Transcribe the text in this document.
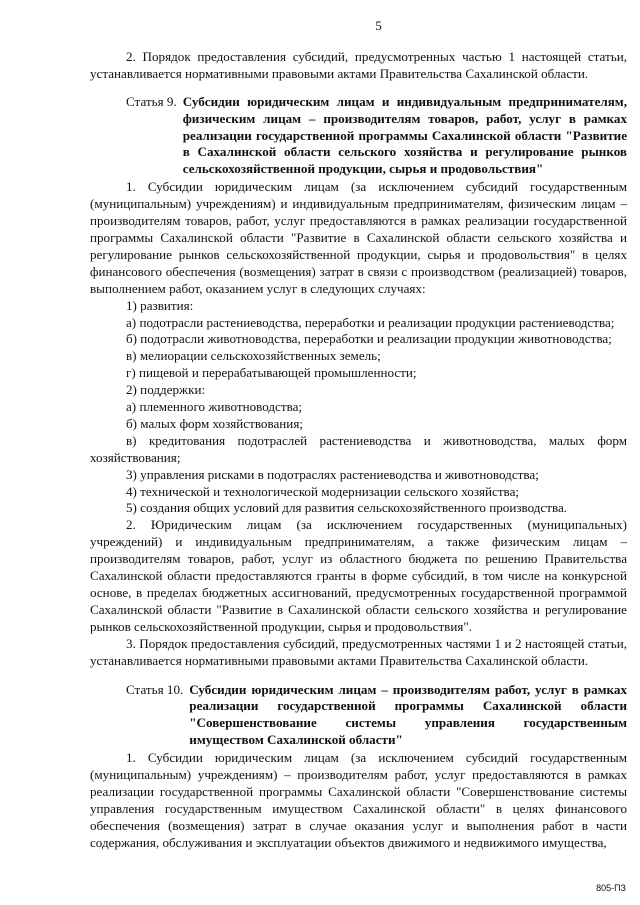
5

2. Порядок предоставления субсидий, предусмотренных частью 1 настоящей статьи, устанавливается нормативными правовыми актами Правительства Сахалинской области.

Статья 9. Субсидии юридическим лицам и индивидуальным предпринимателям, физическим лицам – производителям товаров, работ, услуг в рамках реализации государственной программы Сахалинской области "Развитие в Сахалинской области сельского хозяйства и регулирование рынков сельскохозяйственной продукции, сырья и продовольствия"

1. Субсидии юридическим лицам (за исключением субсидий государственным (муниципальным) учреждениям) и индивидуальным предпринимателям, физическим лицам – производителям товаров, работ, услуг предоставляются в рамках реализации государственной программы Сахалинской области "Развитие в Сахалинской области сельского хозяйства и регулирование рынков сельскохозяйственной продукции, сырья и продовольствия" в целях финансового обеспечения (возмещения) затрат в связи с производством (реализацией) товаров, выполнением работ, оказанием услуг в следующих случаях:

1) развития:

а) подотрасли растениеводства, переработки и реализации продукции растениеводства;

б) подотрасли животноводства, переработки и реализации продукции животноводства;

в) мелиорации сельскохозяйственных земель;

г) пищевой и перерабатывающей промышленности;

2) поддержки:

а) племенного животноводства;

б) малых форм хозяйствования;

в) кредитования подотраслей растениеводства и животноводства, малых форм хозяйствования;

3) управления рисками в подотраслях растениеводства и животноводства;

4) технической и технологической модернизации сельского хозяйства;

5) создания общих условий для развития сельскохозяйственного производства.

2. Юридическим лицам (за исключением государственных (муниципальных) учреждений) и индивидуальным предпринимателям, а также физическим лицам – производителям товаров, работ, услуг из областного бюджета по решению Правительства Сахалинской области предоставляются гранты в форме субсидий, в том числе на конкурсной основе, в пределах бюджетных ассигнований, предусмотренных государственной программой Сахалинской области "Развитие в Сахалинской области сельского хозяйства и регулирование рынков сельскохозяйственной продукции, сырья и продовольствия".

3. Порядок предоставления субсидий, предусмотренных частями 1 и 2 настоящей статьи, устанавливается нормативными правовыми актами Правительства Сахалинской области.

Статья 10. Субсидии юридическим лицам – производителям работ, услуг в рамках реализации государственной программы Сахалинской области "Совершенствование системы управления государственным имуществом Сахалинской области"

1. Субсидии юридическим лицам (за исключением субсидий государственным (муниципальным) учреждениям) – производителям работ, услуг предоставляются в рамках реализации государственной программы Сахалинской области "Совершенствование системы управления государственным имуществом Сахалинской области" в целях финансового обеспечения (возмещения) затрат в случае оказания услуг и выполнения работ в части содержания, обслуживания и эксплуатации объектов движимого и недвижимого имущества,

805-ПЗ
